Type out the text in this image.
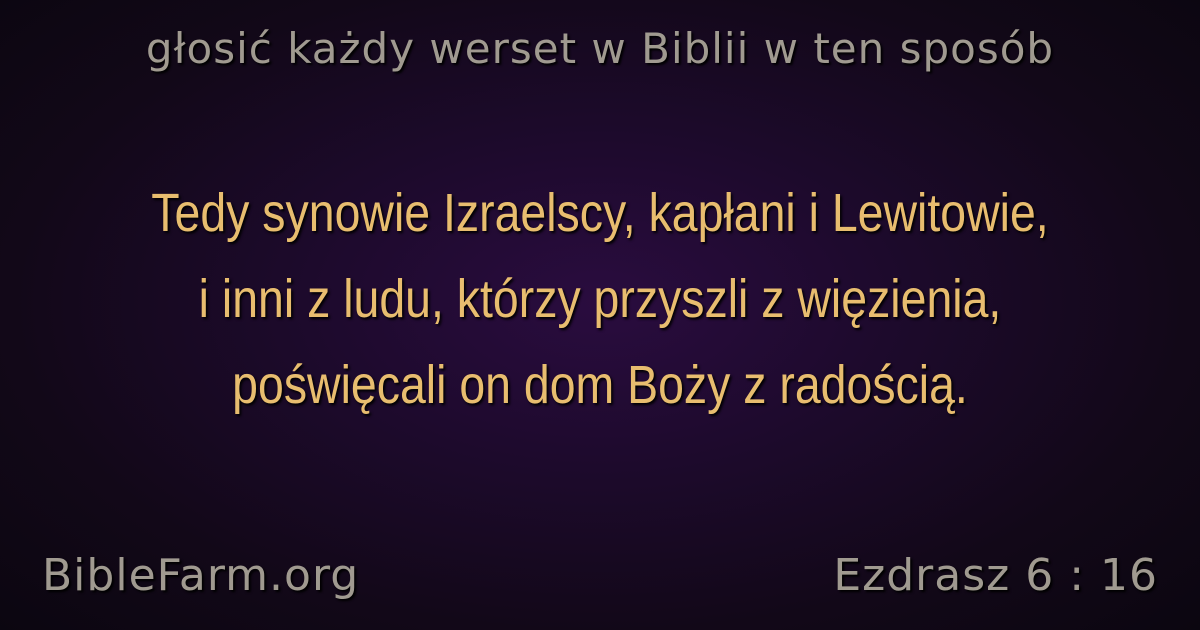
głosić każdy werset w Biblii w ten sposób
Tedy synowie Izraelscy, kapłani i Lewitowie,
i inni z ludu, którzy przyszli z więzienia,
poświęcali on dom Boży z radością.
BibleFarm.org	Ezdrasz 6 : 16
